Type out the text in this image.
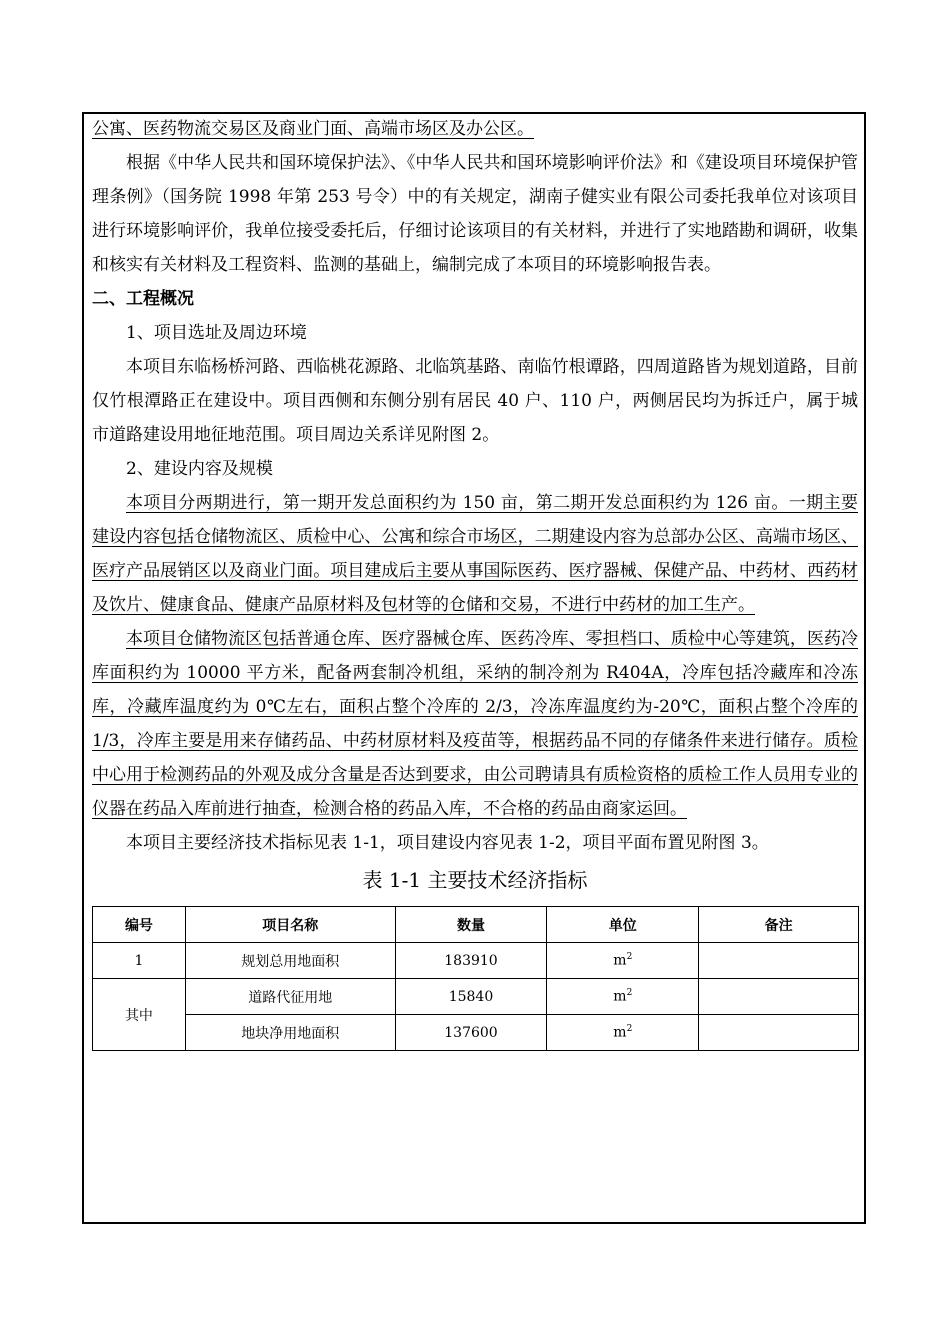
公寓、医药物流交易区及商业门面、高端市场区及办公区。

根据《中华人民共和国环境保护法》、《中华人民共和国环境影响评价法》和《建设项目环境保护管理条例》（国务院 1998 年第 253 号令）中的有关规定，湖南子健实业有限公司委托我单位对该项目进行环境影响评价，我单位接受委托后，仔细讨论该项目的有关材料，并进行了实地踏勘和调研，收集和核实有关材料及工程资料、监测的基础上，编制完成了本项目的环境影响报告表。

二、工程概况

1、项目选址及周边环境

本项目东临杨桥河路、西临桃花源路、北临筑基路、南临竹根谭路，四周道路皆为规划道路，目前仅竹根潭路正在建设中。项目西侧和东侧分别有居民 40 户、110 户，两侧居民均为拆迁户，属于城市道路建设用地征地范围。项目周边关系详见附图 2。

2、建设内容及规模

本项目分两期进行，第一期开发总面积约为 150 亩，第二期开发总面积约为 126 亩。一期主要建设内容包括仓储物流区、质检中心、公寓和综合市场区，二期建设内容为总部办公区、高端市场区、医疗产品展销区以及商业门面。项目建成后主要从事国际医药、医疗器械、保健产品、中药材、西药材及饮片、健康食品、健康产品原材料及包材等的仓储和交易，不进行中药材的加工生产。

本项目仓储物流区包括普通仓库、医疗器械仓库、医药冷库、零担档口、质检中心等建筑，医药冷库面积约为 10000 平方米，配备两套制冷机组，采纳的制冷剂为 R404A，冷库包括冷藏库和冷冻库，冷藏库温度约为 0℃左右，面积占整个冷库的 2/3，冷冻库温度约为-20℃，面积占整个冷库的 1/3，冷库主要是用来存储药品、中药材原材料及疫苗等，根据药品不同的存储条件来进行储存。质检中心用于检测药品的外观及成分含量是否达到要求，由公司聘请具有质检资格的质检工作人员用专业的仪器在药品入库前进行抽查，检测合格的药品入库，不合格的药品由商家运回。

本项目主要经济技术指标见表 1-1，项目建设内容见表 1-2，项目平面布置见附图 3。

表 1-1 主要技术经济指标
编号	项目名称	数量	单位	备注
1	规划总用地面积	183910	$m^2$	
其中	道路代征用地	15840	$m^2$	
	地块净用地面积	137600	$m^2$	
